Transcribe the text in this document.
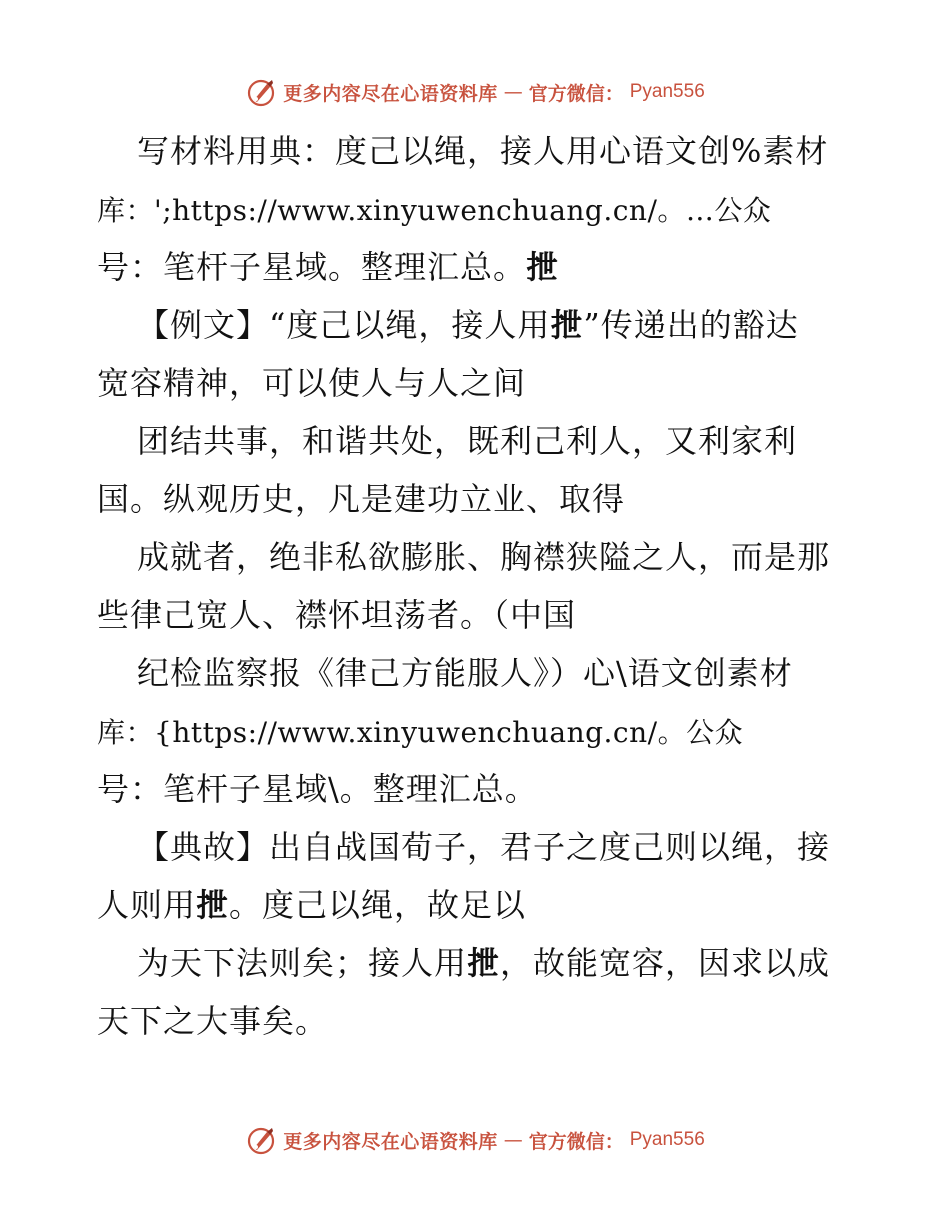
更多内容尽在心语资料库 — 官方微信： Pyan556
写材料用典：度己以绳，接人用心语文创%素材
库：';https://www.xinyuwenchuang.cn/。…公众
号：笔杆子星域。整理汇总。抴
【例文】“度己以绳，接人用抴”传递出的豁达
宽容精神，可以使人与人之间
团结共事，和谐共处，既利己利人，又利家利
国。纵观历史，凡是建功立业、取得
成就者，绝非私欲膨胀、胸襟狭隘之人，而是那
些律己宽人、襟怀坦荡者。（中国
纪检监察报《律己方能服人》）心\语文创素材
库：{https://www.xinyuwenchuang.cn/。公众
号：笔杆子星域\。整理汇总。
【典故】出自战国荀子，君子之度己则以绳，接
人则用抴。度己以绳，故足以
为天下法则矣；接人用抴，故能宽容，因求以成
天下之大事矣。
更多内容尽在心语资料库 — 官方微信： Pyan556
